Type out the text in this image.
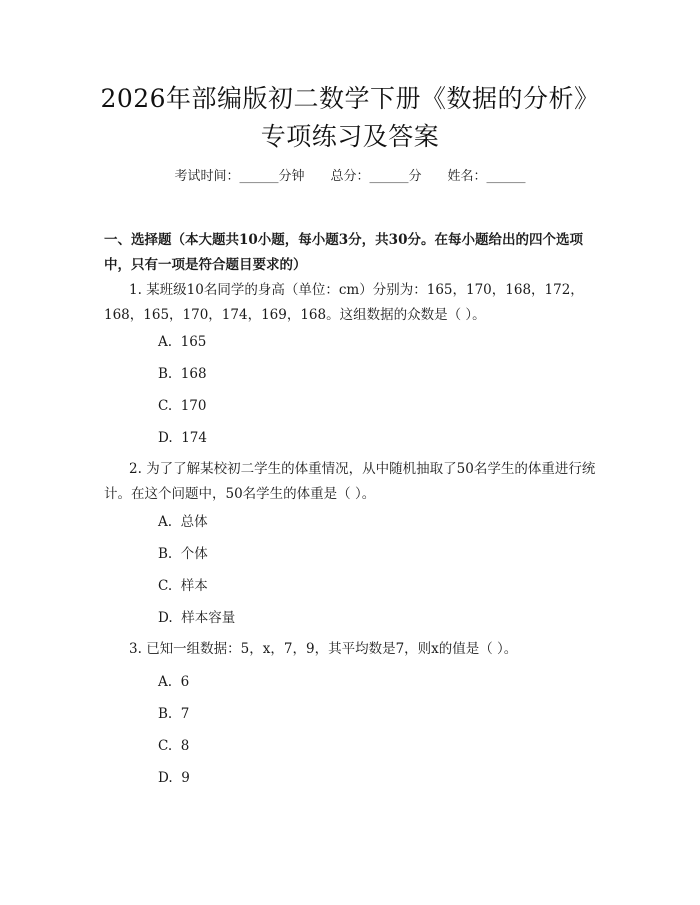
2026年部编版初二数学下册《数据的分析》
专项练习及答案
考试时间：______分钟 总分：______分 姓名：______
一、选择题（本大题共10小题，每小题3分，共30分。在每小题给出的四个选项中，只有一项是符合题目要求的）
1. 某班级10名同学的身高（单位：cm）分别为：165，170，168，172，168，165，170，174，169，168。这组数据的众数是（ ）。
A.  165
B.  168
C.  170
D.  174
2. 为了了解某校初二学生的体重情况，从中随机抽取了50名学生的体重进行统计。在这个问题中，50名学生的体重是（ ）。
A.  总体
B.  个体
C.  样本
D.  样本容量
3. 已知一组数据：5，x，7，9，其平均数是7，则x的值是（ ）。
A.  6
B.  7
C.  8
D.  9
